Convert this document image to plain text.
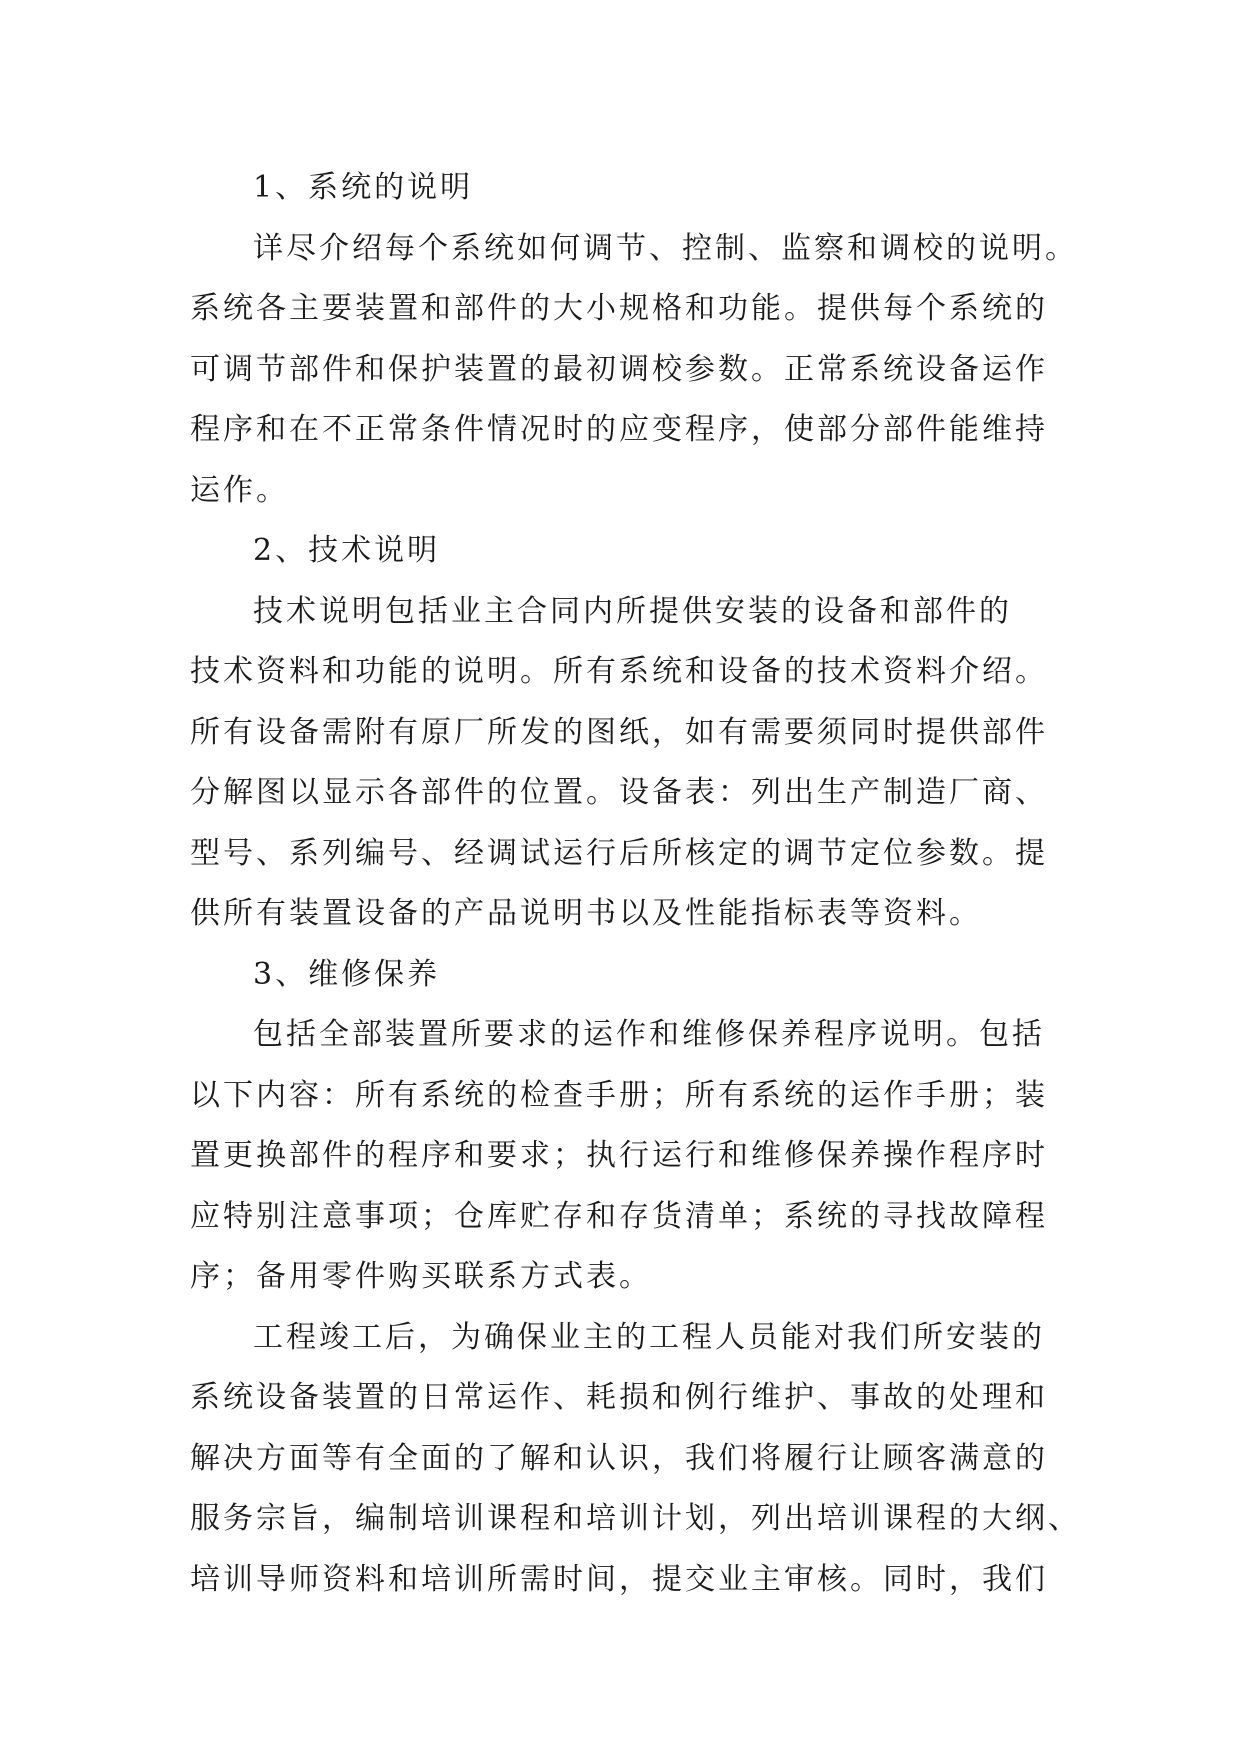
1、系统的说明
详尽介绍每个系统如何调节、控制、监察和调校的说明。
系统各主要装置和部件的大小规格和功能。提供每个系统的
可调节部件和保护装置的最初调校参数。正常系统设备运作
程序和在不正常条件情况时的应变程序，使部分部件能维持
运作。
2、技术说明
技术说明包括业主合同内所提供安装的设备和部件的
技术资料和功能的说明。所有系统和设备的技术资料介绍。
所有设备需附有原厂所发的图纸，如有需要须同时提供部件
分解图以显示各部件的位置。设备表：列出生产制造厂商、
型号、系列编号、经调试运行后所核定的调节定位参数。提
供所有装置设备的产品说明书以及性能指标表等资料。
3、维修保养
包括全部装置所要求的运作和维修保养程序说明。包括
以下内容：所有系统的检查手册；所有系统的运作手册；装
置更换部件的程序和要求；执行运行和维修保养操作程序时
应特别注意事项；仓库贮存和存货清单；系统的寻找故障程
序；备用零件购买联系方式表。
工程竣工后，为确保业主的工程人员能对我们所安装的
系统设备装置的日常运作、耗损和例行维护、事故的处理和
解决方面等有全面的了解和认识，我们将履行让顾客满意的
服务宗旨，编制培训课程和培训计划，列出培训课程的大纲、
培训导师资料和培训所需时间，提交业主审核。同时，我们
